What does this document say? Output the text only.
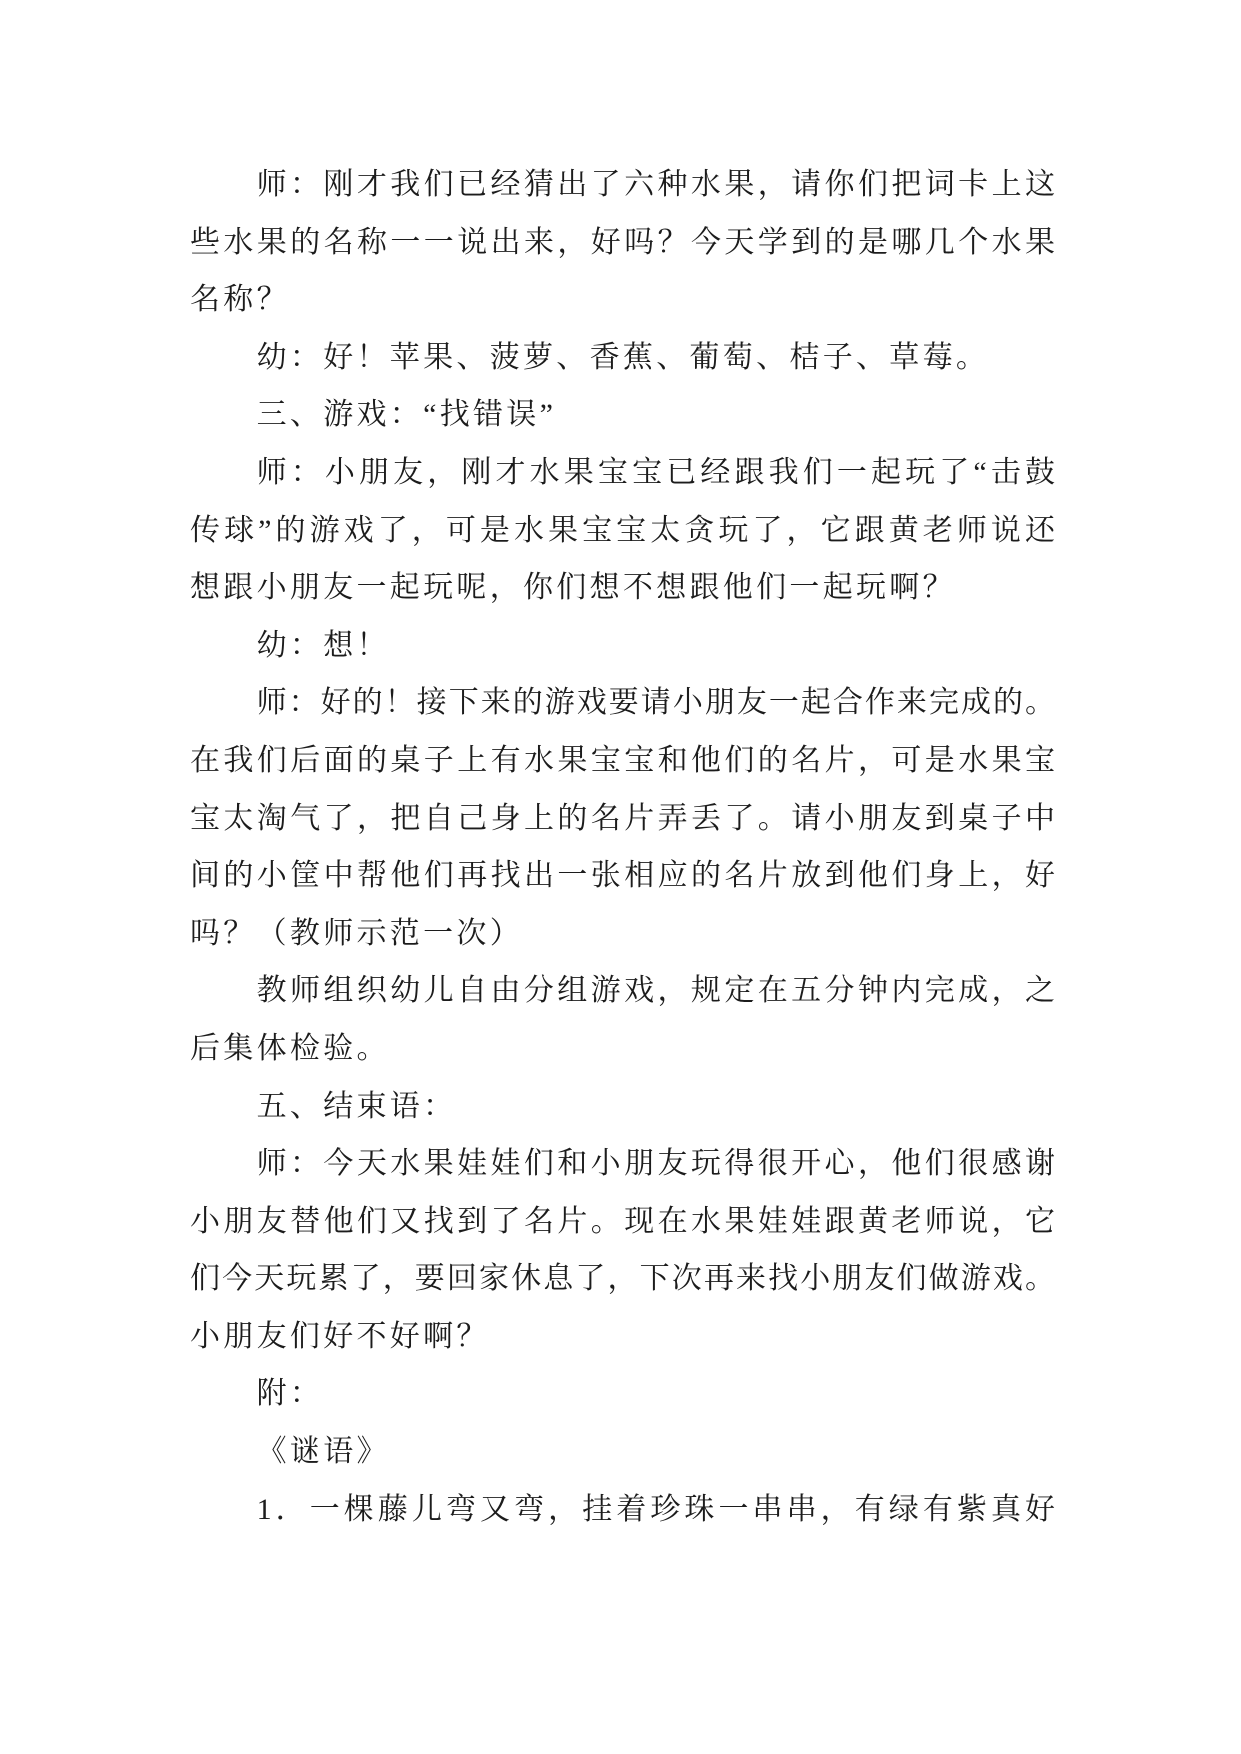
师：刚才我们已经猜出了六种水果，请你们把词卡上这
些水果的名称一一说出来，好吗？今天学到的是哪几个水果
名称？
幼：好！苹果、菠萝、香蕉、葡萄、桔子、草莓。
三、游戏：“找错误”
师：小朋友，刚才水果宝宝已经跟我们一起玩了“击鼓
传球”的游戏了，可是水果宝宝太贪玩了，它跟黄老师说还
想跟小朋友一起玩呢，你们想不想跟他们一起玩啊？
幼：想！
师：好的！接下来的游戏要请小朋友一起合作来完成的。
在我们后面的桌子上有水果宝宝和他们的名片，可是水果宝
宝太淘气了，把自己身上的名片弄丢了。请小朋友到桌子中
间的小筐中帮他们再找出一张相应的名片放到他们身上，好
吗？（教师示范一次）
教师组织幼儿自由分组游戏，规定在五分钟内完成，之
后集体检验。
五、结束语：
师：今天水果娃娃们和小朋友玩得很开心，他们很感谢
小朋友替他们又找到了名片。现在水果娃娃跟黄老师说，它
们今天玩累了，要回家休息了，下次再来找小朋友们做游戏。
小朋友们好不好啊？
附：
《谜语》
1．一棵藤儿弯又弯，挂着珍珠一串串，有绿有紫真好
